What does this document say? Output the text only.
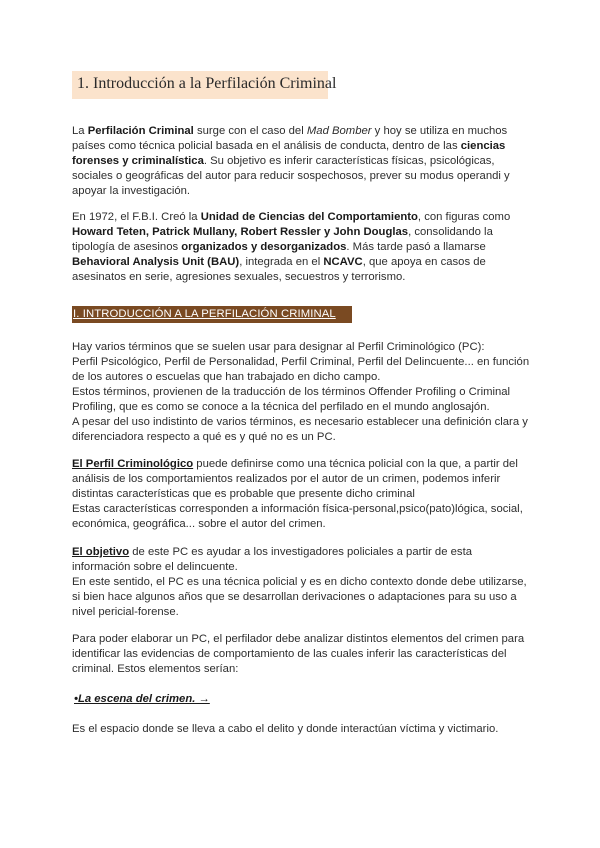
1. Introducción a la Perfilación Criminal

La Perfilación Criminal surge con el caso del Mad Bomber y hoy se utiliza en muchos países como técnica policial basada en el análisis de conducta, dentro de las ciencias forenses y criminalística. Su objetivo es inferir características físicas, psicológicas, sociales o geográficas del autor para reducir sospechosos, prever su modus operandi y apoyar la investigación.

En 1972, el F.B.I. Creó la Unidad de Ciencias del Comportamiento, con figuras como Howard Teten, Patrick Mullany, Robert Ressler y John Douglas, consolidando la tipología de asesinos organizados y desorganizados. Más tarde pasó a llamarse Behavioral Analysis Unit (BAU), integrada en el NCAVC, que apoya en casos de asesinatos en serie, agresiones sexuales, secuestros y terrorismo.

I. INTRODUCCIÓN A LA PERFILACIÓN CRIMINAL

Hay varios términos que se suelen usar para designar al Perfil Criminológico (PC):
Perfil Psicológico, Perfil de Personalidad, Perfil Criminal, Perfil del Delincuente... en función de los autores o escuelas que han trabajado en dicho campo.
Estos términos, provienen de la traducción de los términos Offender Profiling o Criminal Profiling, que es como se conoce a la técnica del perfilado en el mundo anglosajón.
A pesar del uso indistinto de varios términos, es necesario establecer una definición clara y diferenciadora respecto a qué es y qué no es un PC.

El Perfil Criminológico puede definirse como una técnica policial con la que, a partir del análisis de los comportamientos realizados por el autor de un crimen, podemos inferir distintas características que es probable que presente dicho criminal
Estas características corresponden a información física-personal,psico(pato)lógica, social, económica, geográfica... sobre el autor del crimen.

El objetivo de este PC es ayudar a los investigadores policiales a partir de esta información sobre el delincuente.
En este sentido, el PC es una técnica policial y es en dicho contexto donde debe utilizarse, si bien hace algunos años que se desarrollan derivaciones o adaptaciones para su uso a nivel pericial-forense.

Para poder elaborar un PC, el perfilador debe analizar distintos elementos del crimen para identificar las evidencias de comportamiento de las cuales inferir las características del criminal. Estos elementos serían:

•La escena del crimen. →

Es el espacio donde se lleva a cabo el delito y donde interactúan víctima y victimario.
